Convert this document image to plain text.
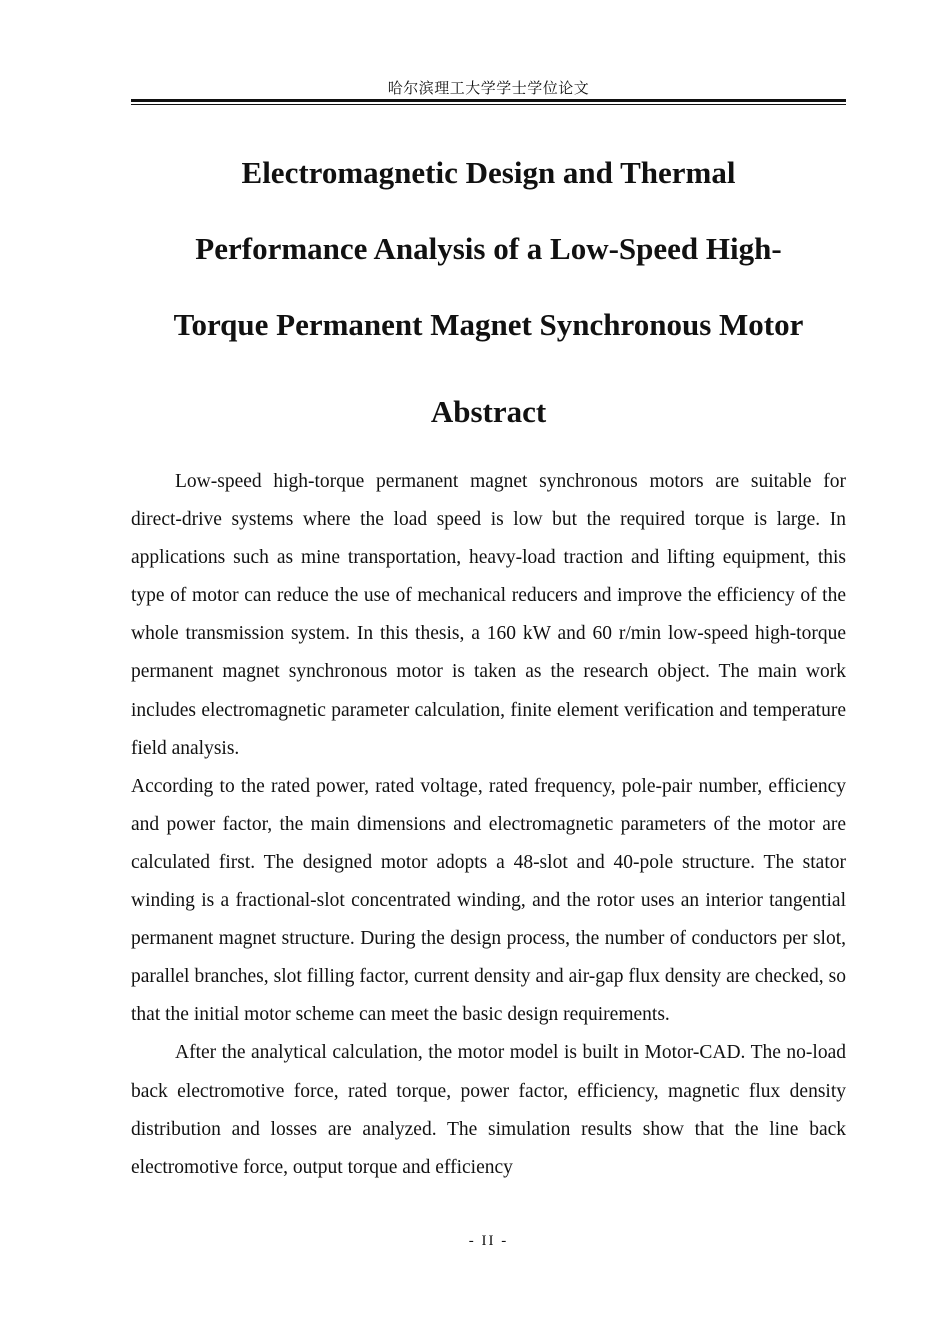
哈尔滨理工大学学士学位论文
Electromagnetic Design and Thermal
Performance Analysis of a Low-Speed High-
Torque Permanent Magnet Synchronous Motor
Abstract

Low-speed high-torque permanent magnet synchronous motors are suitable for direct-drive systems where the load speed is low but the required torque is large. In applications such as mine transportation, heavy-load traction and lifting equipment, this type of motor can reduce the use of mechanical reducers and improve the efficiency of the whole transmission system. In this thesis, a 160 kW and 60 r/min low-speed high-torque permanent magnet synchronous motor is taken as the research object. The main work includes electromagnetic parameter calculation, finite element verification and temperature field analysis.

According to the rated power, rated voltage, rated frequency, pole-pair number, efficiency and power factor, the main dimensions and electromagnetic parameters of the motor are calculated first. The designed motor adopts a 48-slot and 40-pole structure. The stator winding is a fractional-slot concentrated winding, and the rotor uses an interior tangential permanent magnet structure. During the design process, the number of conductors per slot, parallel branches, slot filling factor, current density and air-gap flux density are checked, so that the initial motor scheme can meet the basic design requirements.

After the analytical calculation, the motor model is built in Motor-CAD. The no-load back electromotive force, rated torque, power factor, efficiency, magnetic flux density distribution and losses are analyzed. The simulation results show that the line back electromotive force, output torque and efficiency

- II -
